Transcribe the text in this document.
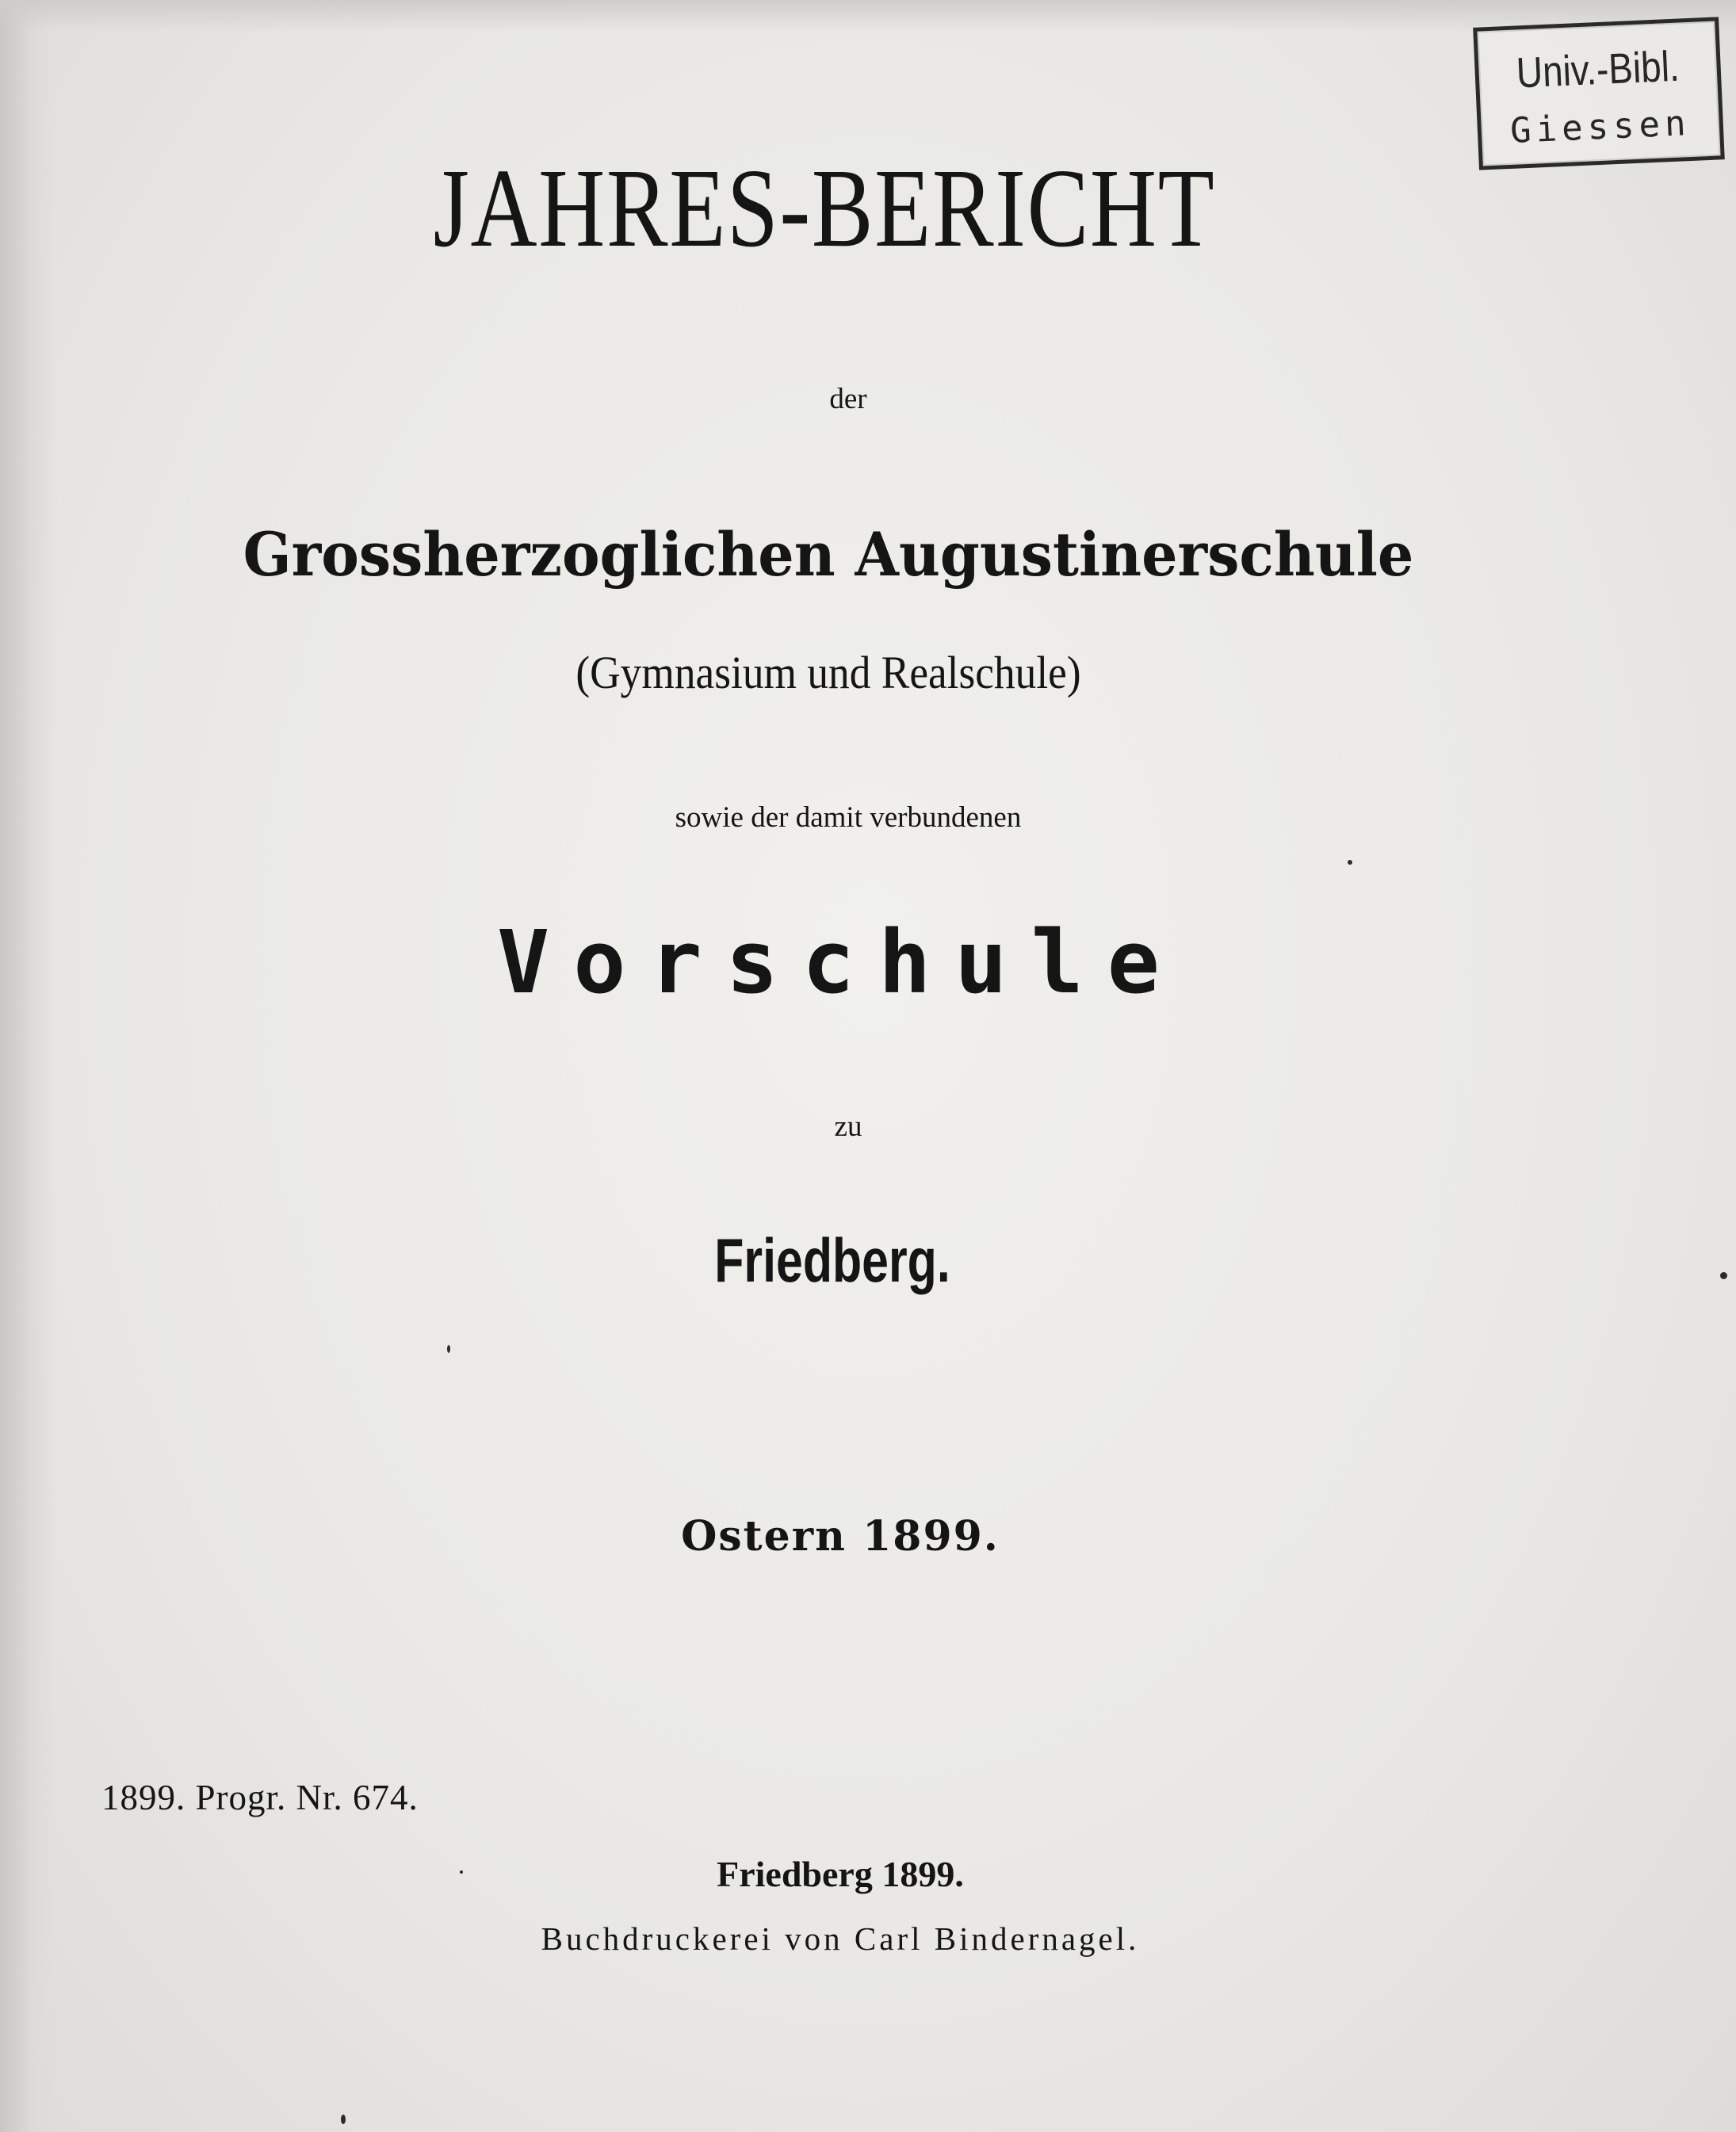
Univ.-Bibl.
Giessen
JAHRES-BERICHT
der
Grossherzoglichen Augustinerschule
(Gymnasium und Realschule)
sowie der damit verbundenen
Vorschule
zu
Friedberg.
Ostern 1899.
1899. Progr. Nr. 674.
Friedberg 1899.
Buchdruckerei von Carl Bindernagel.
